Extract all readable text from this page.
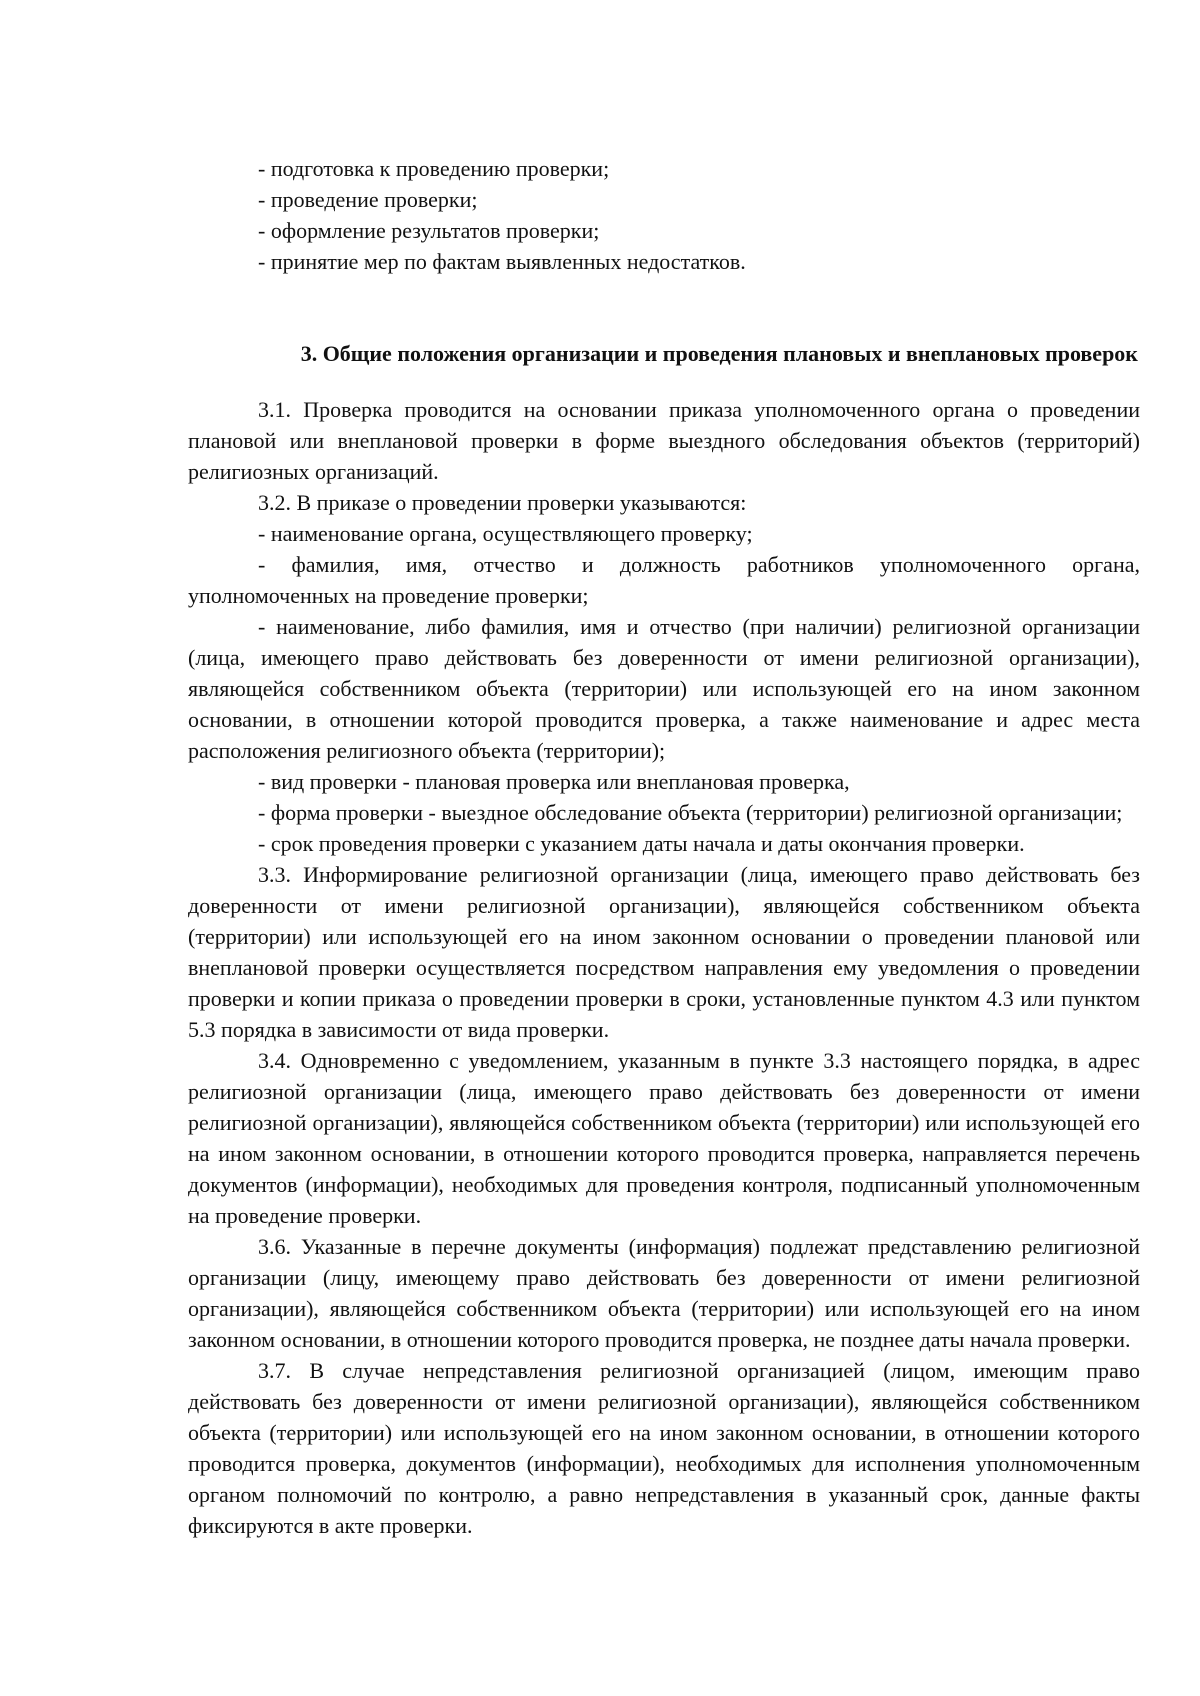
- подготовка к проведению проверки;
- проведение проверки;
- оформление результатов проверки;
- принятие мер по фактам выявленных недостатков.
3. Общие положения организации и проведения плановых и внеплановых проверок

3.1. Проверка проводится на основании приказа уполномоченного органа о проведении плановой или внеплановой проверки в форме выездного обследования объектов (территорий) религиозных организаций.

3.2. В приказе о проведении проверки указываются:

- наименование органа, осуществляющего проверку;

- фамилия, имя, отчество и должность работников уполномоченного органа, уполномоченных на проведение проверки;

- наименование, либо фамилия, имя и отчество (при наличии) религиозной организации (лица, имеющего право действовать без доверенности от имени религиозной организации), являющейся собственником объекта (территории) или использующей его на ином законном основании, в отношении которой проводится проверка, а также наименование и адрес места расположения религиозного объекта (территории);

- вид проверки - плановая проверка или внеплановая проверка,

- форма проверки - выездное обследование объекта (территории) религиозной организации;

- срок проведения проверки с указанием даты начала и даты окончания проверки.

3.3. Информирование религиозной организации (лица, имеющего право действовать без доверенности от имени религиозной организации), являющейся собственником объекта (территории) или использующей его на ином законном основании о проведении плановой или внеплановой проверки осуществляется посредством направления ему уведомления о проведении проверки и копии приказа о проведении проверки в сроки, установленные пунктом 4.3 или пунктом 5.3 порядка в зависимости от вида проверки.

3.4. Одновременно с уведомлением, указанным в пункте 3.3 настоящего порядка, в адрес религиозной организации (лица, имеющего право действовать без доверенности от имени религиозной организации), являющейся собственником объекта (территории) или использующей его на ином законном основании, в отношении которого проводится проверка, направляется перечень документов (информации), необходимых для проведения контроля, подписанный уполномоченным на проведение проверки.

3.6. Указанные в перечне документы (информация) подлежат представлению религиозной организации (лицу, имеющему право действовать без доверенности от имени религиозной организации), являющейся собственником объекта (территории) или использующей его на ином законном основании, в отношении которого проводится проверка, не позднее даты начала проверки.

3.7. В случае непредставления религиозной организацией (лицом, имеющим право действовать без доверенности от имени религиозной организации), являющейся собственником объекта (территории) или использующей его на ином законном основании, в отношении которого проводится проверка, документов (информации), необходимых для исполнения уполномоченным органом полномочий по контролю, а равно непредставления в указанный срок, данные факты фиксируются в акте проверки.
